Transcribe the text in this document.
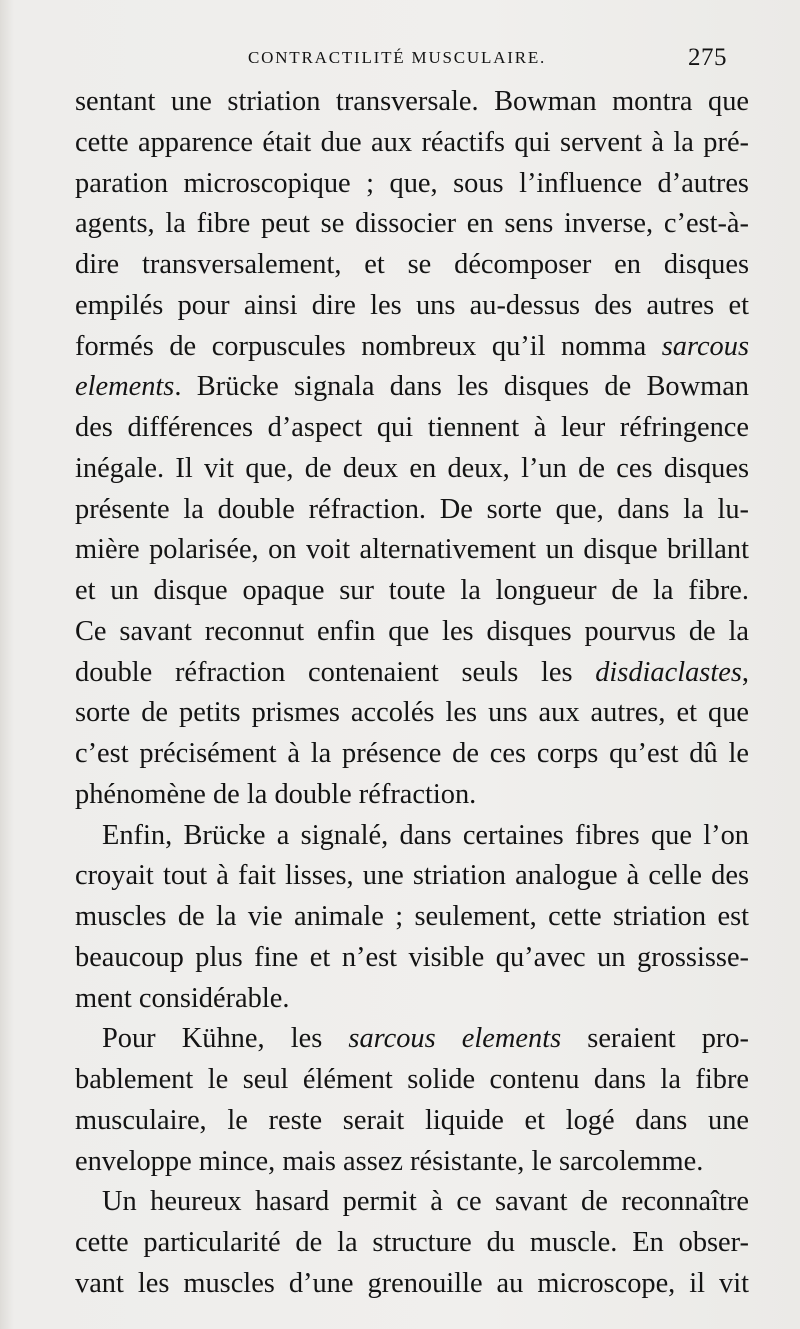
CONTRACTILITÉ MUSCULAIRE.	275
sentant une striation transversale. Bowman montra que
cette apparence était due aux réactifs qui servent à la pré-
paration microscopique ; que, sous l’influence d’autres
agents, la fibre peut se dissocier en sens inverse, c’est-à-
dire transversalement, et se décomposer en disques
empilés pour ainsi dire les uns au-dessus des autres et
formés de corpuscules nombreux qu’il nomma sarcous
elements. Brücke signala dans les disques de Bowman
des différences d’aspect qui tiennent à leur réfringence
inégale. Il vit que, de deux en deux, l’un de ces disques
présente la double réfraction. De sorte que, dans la lu-
mière polarisée, on voit alternativement un disque brillant
et un disque opaque sur toute la longueur de la fibre.
Ce savant reconnut enfin que les disques pourvus de la
double réfraction contenaient seuls les disdiaclastes,
sorte de petits prismes accolés les uns aux autres, et que
c’est précisément à la présence de ces corps qu’est dû le
phénomène de la double réfraction.
Enfin, Brücke a signalé, dans certaines fibres que l’on
croyait tout à fait lisses, une striation analogue à celle des
muscles de la vie animale ; seulement, cette striation est
beaucoup plus fine et n’est visible qu’avec un grossisse-
ment considérable.
Pour Kühne, les sarcous elements seraient pro-
bablement le seul élément solide contenu dans la fibre
musculaire, le reste serait liquide et logé dans une
enveloppe mince, mais assez résistante, le sarcolemme.
Un heureux hasard permit à ce savant de reconnaître
cette particularité de la structure du muscle. En obser-
vant les muscles d’une grenouille au microscope, il vit
